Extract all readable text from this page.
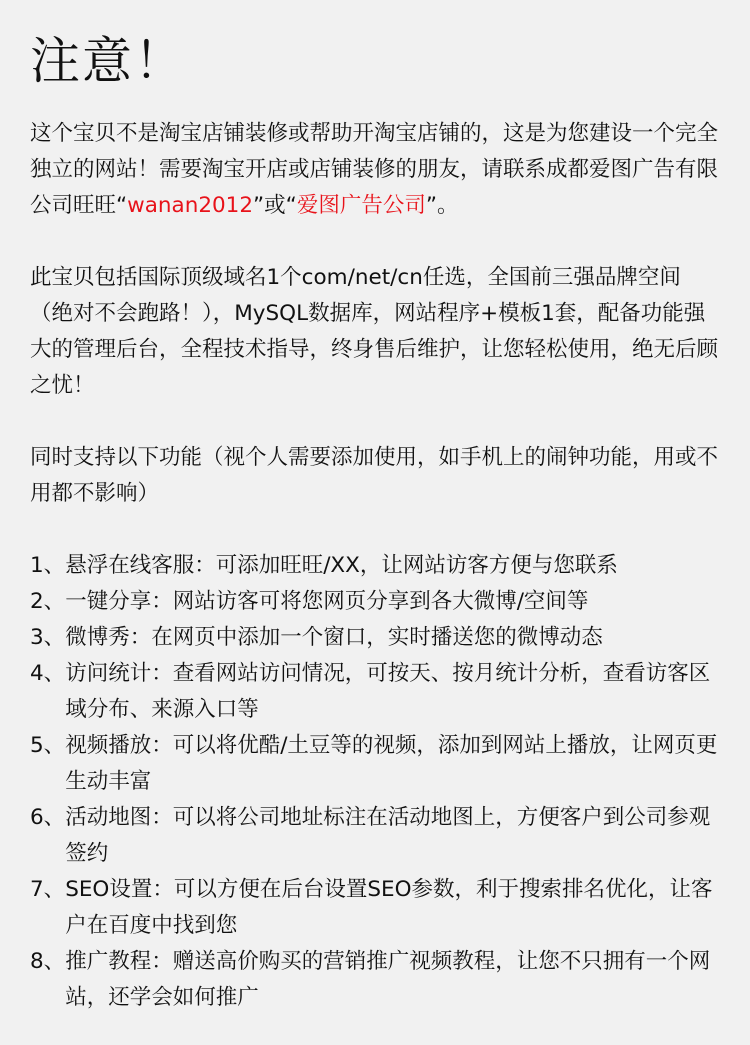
注意！

这个宝贝不是淘宝店铺装修或帮助开淘宝店铺的，这是为您建设一个完全独立的网站！需要淘宝开店或店铺装修的朋友，请联系成都爱图广告有限公司旺旺“wanan2012”或“爱图广告公司”。

此宝贝包括国际顶级域名1个com/net/cn任选，全国前三强品牌空间（绝对不会跑路！），MySQL数据库，网站程序+模板1套，配备功能强大的管理后台，全程技术指导，终身售后维护，让您轻松使用，绝无后顾之忧！

同时支持以下功能（视个人需要添加使用，如手机上的闹钟功能，用或不用都不影响）

1、 悬浮在线客服：可添加旺旺/XX，让网站访客方便与您联系
2、 一键分享：网站访客可将您网页分享到各大微博/空间等
3、 微博秀：在网页中添加一个窗口，实时播送您的微博动态
4、 访问统计：查看网站访问情况，可按天、按月统计分析，查看访客区域分布、来源入口等
5、 视频播放：可以将优酷/土豆等的视频，添加到网站上播放，让网页更生动丰富
6、 活动地图：可以将公司地址标注在活动地图上，方便客户到公司参观签约
7、 SEO设置：可以方便在后台设置SEO参数，利于搜索排名优化，让客户在百度中找到您
8、 推广教程：赠送高价购买的营销推广视频教程，让您不只拥有一个网站，还学会如何推广
